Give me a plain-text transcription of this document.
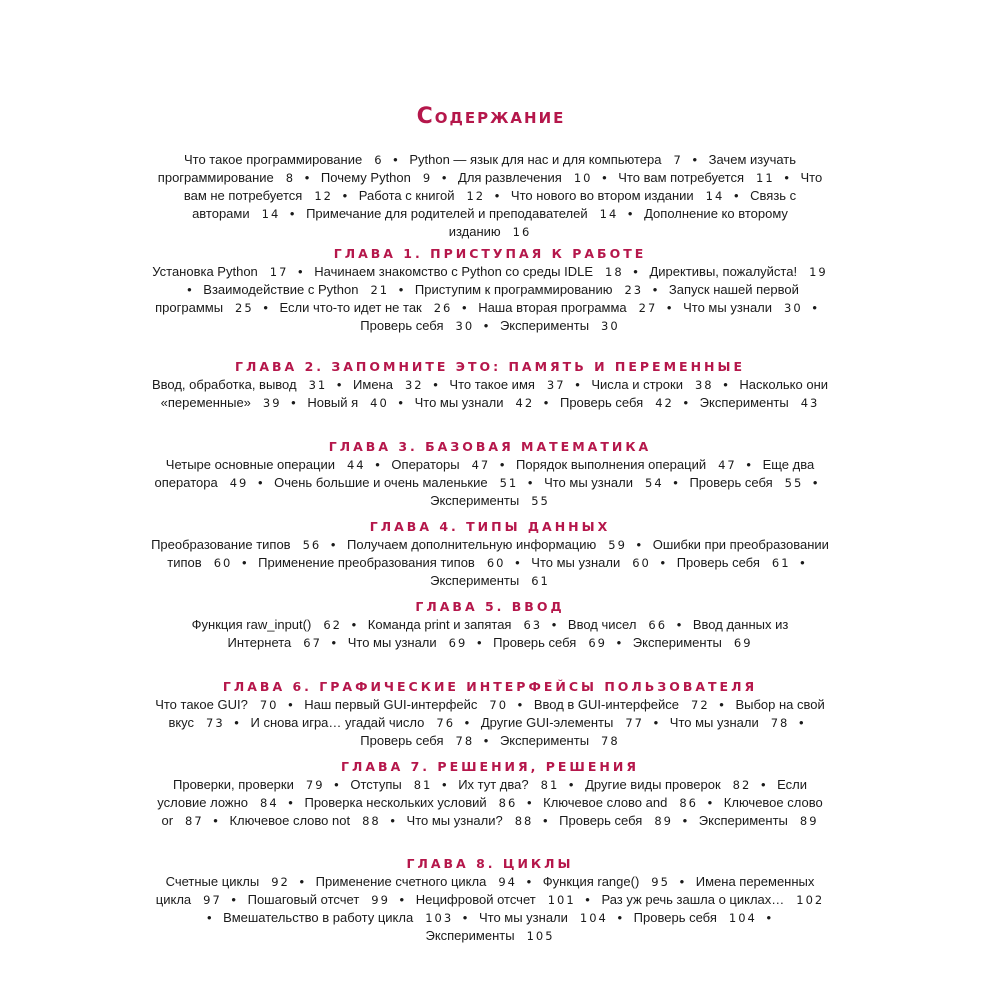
Содержание
Что такое программирование 6 • Python — язык для нас и для компьютера 7 • Зачем изучать программирование 8 • Почему Python 9 • Для развлечения 10 • Что вам потребуется 11 • Что вам не потребуется 12 • Работа с книгой 12 • Что нового во втором издании 14 • Связь с авторами 14 • Примечание для родителей и преподавателей 14 • Дополнение ко второму изданию 16
ГЛАВА 1. ПРИСТУПАЯ К РАБОТЕ
Установка Python 17 • Начинаем знакомство с Python со среды IDLE 18 • Директивы, пожалуйста! 19 • Взаимодействие с Python 21 • Приступим к программированию 23 • Запуск нашей первой программы 25 • Если что-то идет не так 26 • Наша вторая программа 27 • Что мы узнали 30 • Проверь себя 30 • Эксперименты 30
ГЛАВА 2. ЗАПОМНИТЕ ЭТО: ПАМЯТЬ И ПЕРЕМЕННЫЕ
Ввод, обработка, вывод 31 • Имена 32 • Что такое имя 37 • Числа и строки 38 • Насколько они «переменные» 39 • Новый я 40 • Что мы узнали 42 • Проверь себя 42 • Эксперименты 43
ГЛАВА 3. БАЗОВАЯ МАТЕМАТИКА
Четыре основные операции 44 • Операторы 47 • Порядок выполнения операций 47 • Еще два оператора 49 • Очень большие и очень маленькие 51 • Что мы узнали 54 • Проверь себя 55 • Эксперименты 55
ГЛАВА 4. ТИПЫ ДАННЫХ
Преобразование типов 56 • Получаем дополнительную информацию 59 • Ошибки при преобразовании типов 60 • Применение преобразования типов 60 • Что мы узнали 60 • Проверь себя 61 • Эксперименты 61
ГЛАВА 5. ВВОД
Функция raw_input() 62 • Команда print и запятая 63 • Ввод чисел 66 • Ввод данных из Интернета 67 • Что мы узнали 69 • Проверь себя 69 • Эксперименты 69
ГЛАВА 6. ГРАФИЧЕСКИЕ ИНТЕРФЕЙСЫ ПОЛЬЗОВАТЕЛЯ
Что такое GUI? 70 • Наш первый GUI-интерфейс 70 • Ввод в GUI-интерфейсе 72 • Выбор на свой вкус 73 • И снова игра… угадай число 76 • Другие GUI-элементы 77 • Что мы узнали 78 • Проверь себя 78 • Эксперименты 78
ГЛАВА 7. РЕШЕНИЯ, РЕШЕНИЯ
Проверки, проверки 79 • Отступы 81 • Их тут два? 81 • Другие виды проверок 82 • Если условие ложно 84 • Проверка нескольких условий 86 • Ключевое слово and 86 • Ключевое слово or 87 • Ключевое слово not 88 • Что мы узнали? 88 • Проверь себя 89 • Эксперименты 89
ГЛАВА 8. ЦИКЛЫ
Счетные циклы 92 • Применение счетного цикла 94 • Функция range() 95 • Имена переменных цикла 97 • Пошаговый отсчет 99 • Нецифровой отсчет 101 • Раз уж речь зашла о циклах… 102 • Вмешательство в работу цикла 103 • Что мы узнали 104 • Проверь себя 104 • Эксперименты 105
